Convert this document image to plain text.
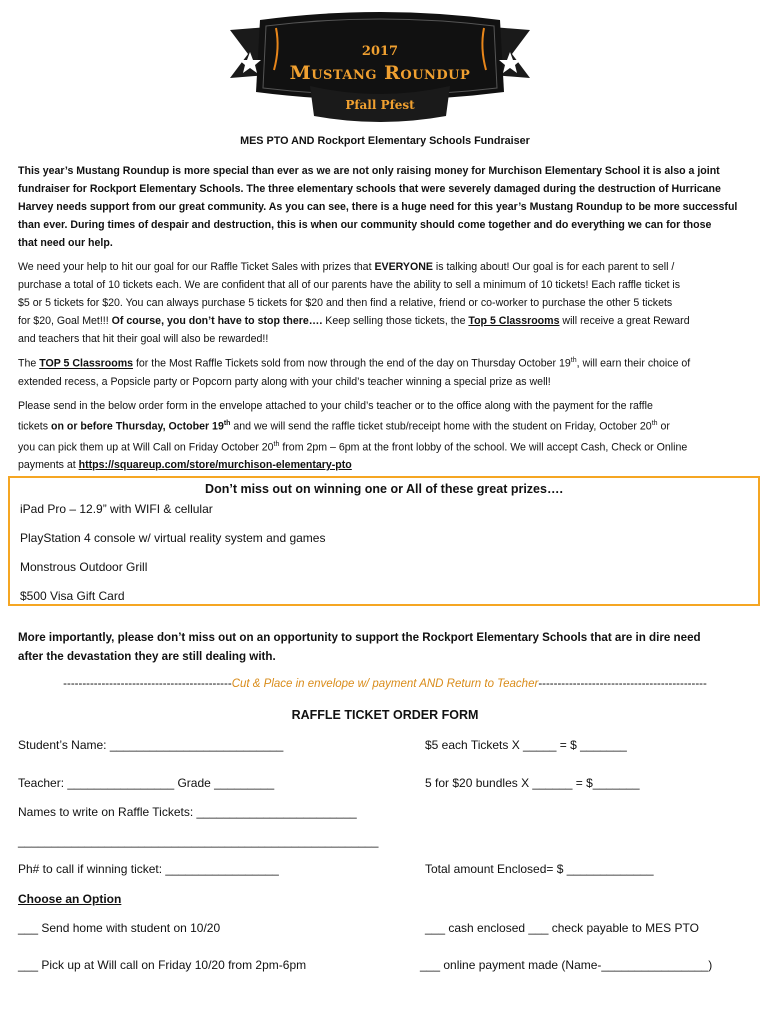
2017
Mustang Roundup
Pfall Pfest
MES PTO AND Rockport Elementary Schools Fundraiser
This year’s Mustang Roundup is more special than ever as we are not only raising money for Murchison Elementary School it is also a joint
fundraiser for Rockport Elementary Schools. The three elementary schools that were severely damaged during the destruction of Hurricane
Harvey needs support from our great community. As you can see, there is a huge need for this year’s Mustang Roundup to be more successful
than ever. During times of despair and destruction, this is when our community should come together and do everything we can for those
that need our help.
We need your help to hit our goal for our Raffle Ticket Sales with prizes that EVERYONE is talking about! Our goal is for each parent to sell /
purchase a total of 10 tickets each. We are confident that all of our parents have the ability to sell a minimum of 10 tickets! Each raffle ticket is
$5 or 5 tickets for $20. You can always purchase 5 tickets for $20 and then find a relative, friend or co-worker to purchase the other 5 tickets
for $20, Goal Met!!! Of course, you don’t have to stop there…. Keep selling those tickets, the Top 5 Classrooms will receive a great Reward
and teachers that hit their goal will also be rewarded!!
The TOP 5 Classrooms for the Most Raffle Tickets sold from now through the end of the day on Thursday October 19th, will earn their choice of
extended recess, a Popsicle party or Popcorn party along with your child’s teacher winning a special prize as well!
Please send in the below order form in the envelope attached to your child’s teacher or to the office along with the payment for the raffle
tickets on or before Thursday, October 19th and we will send the raffle ticket stub/receipt home with the student on Friday, October 20th or
you can pick them up at Will Call on Friday October 20th from 2pm – 6pm at the front lobby of the school. We will accept Cash, Check or Online
payments at https://squareup.com/store/murchison-elementary-pto
Don’t miss out on winning one or All of these great prizes….
iPad Pro – 12.9” with WIFI & cellular
PlayStation 4 console w/ virtual reality system and games
Monstrous Outdoor Grill
$500 Visa Gift Card
More importantly, please don’t miss out on an opportunity to support the Rockport Elementary Schools that are in dire need
after the devastation they are still dealing with.
--------------------------------------------Cut & Place in envelope w/ payment AND Return to Teacher--------------------------------------------
RAFFLE TICKET ORDER FORM
Student’s Name: __________________________	$5 each Tickets X _____ = $ _______
Teacher: ________________ Grade _________	5 for $20 bundles X ______ = $_______
Names to write on Raffle Tickets: ________________________
______________________________________________________
Ph# to call if winning ticket: _________________	Total amount Enclosed= $ _____________
Choose an Option
___ Send home with student on 10/20	___ cash enclosed ___ check payable to MES PTO
___ Pick up at Will call on Friday 10/20 from 2pm-6pm	___ online payment made (Name-________________)
